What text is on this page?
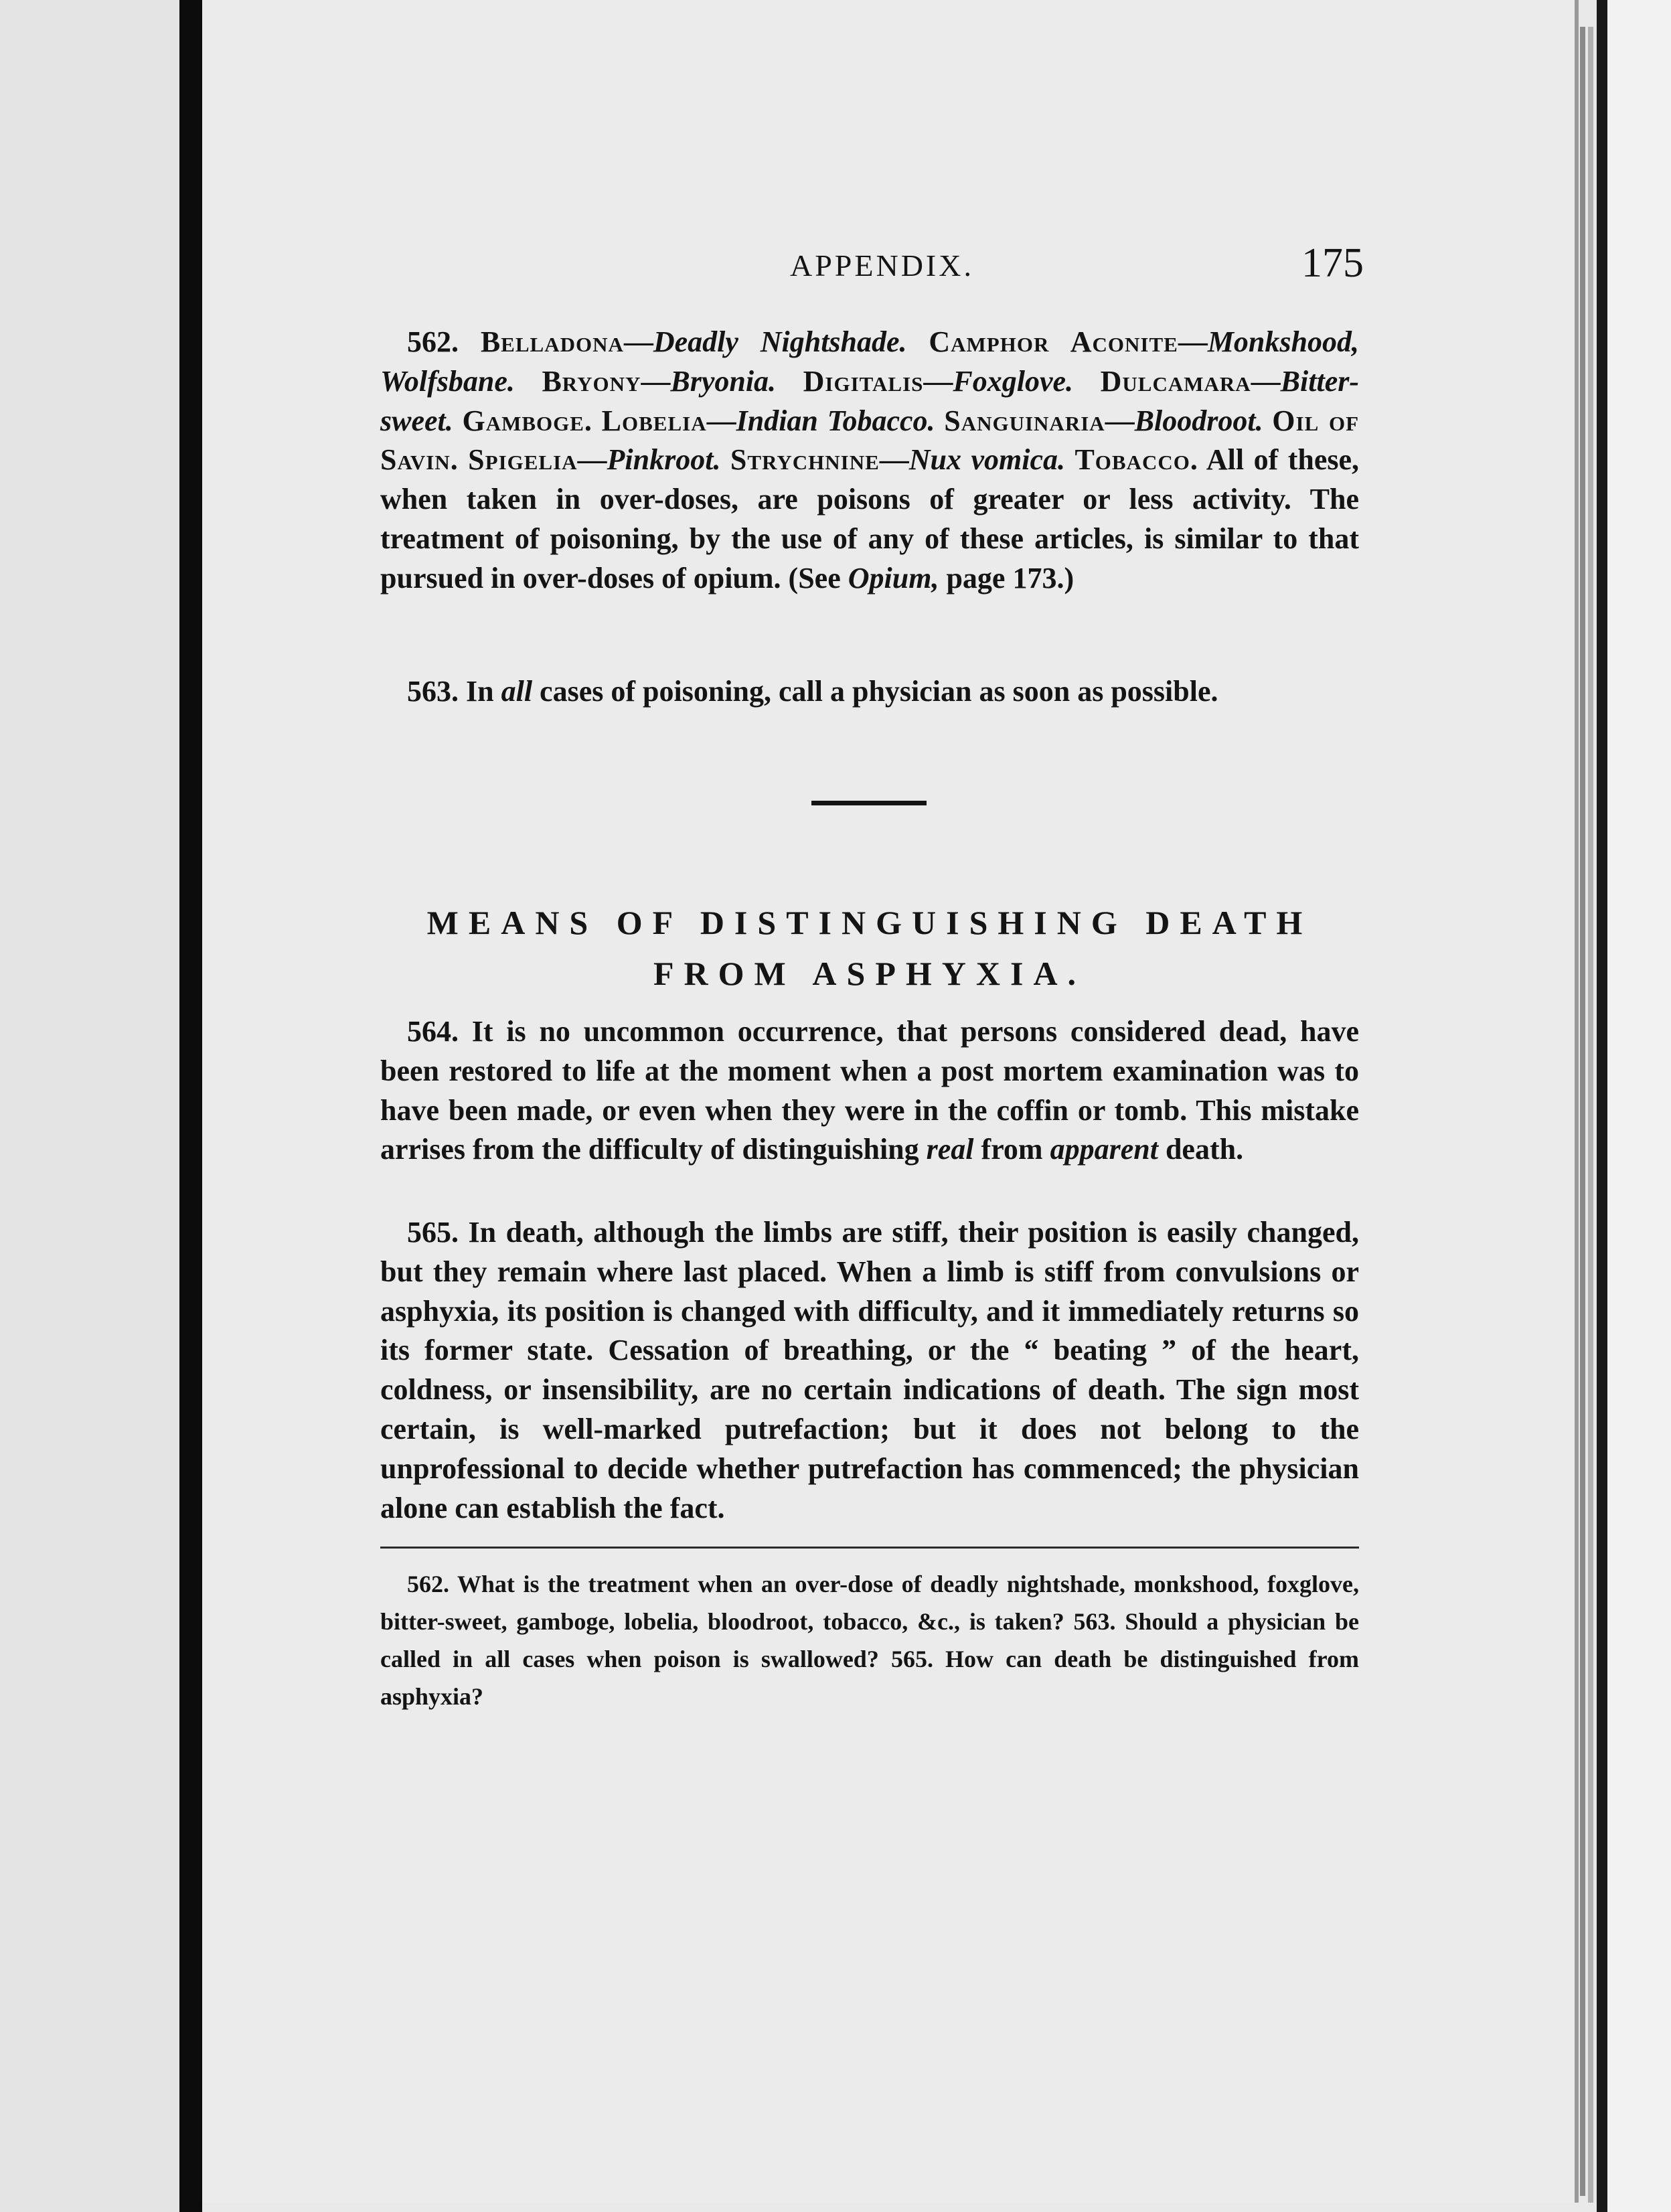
APPENDIX.	175
562. Belladona—Deadly Nightshade. Camphor Aconite—Monkshood, Wolfsbane. Bryony—Bryonia. Digitalis—Foxglove. Dulcamara—Bitter-sweet. Gamboge. Lobelia—Indian Tobacco. Sanguinaria—Bloodroot. Oil of Savin. Spigelia—Pinkroot. Strychnine—Nux vomica. Tobacco. All of these, when taken in over-doses, are poisons of greater or less activity. The treatment of poisoning, by the use of any of these articles, is similar to that pursued in over-doses of opium. (See Opium, page 173.)
563. In all cases of poisoning, call a physician as soon as possible.
MEANS OF DISTINGUISHING DEATH FROM ASPHYXIA.
564. It is no uncommon occurrence, that persons considered dead, have been restored to life at the moment when a post mortem examination was to have been made, or even when they were in the coffin or tomb. This mistake arrises from the difficulty of distinguishing real from apparent death.
565. In death, although the limbs are stiff, their position is easily changed, but they remain where last placed. When a limb is stiff from convulsions or asphyxia, its position is changed with difficulty, and it immediately returns so its former state. Cessation of breathing, or the “ beating ” of the heart, coldness, or insensibility, are no certain indications of death. The sign most certain, is well-marked putrefaction; but it does not belong to the unprofessional to decide whether putrefaction has commenced; the physician alone can establish the fact.
562. What is the treatment when an over-dose of deadly nightshade, monkshood, foxglove, bitter-sweet, gamboge, lobelia, bloodroot, tobacco, &c., is taken? 563. Should a physician be called in all cases when poison is swallowed? 565. How can death be distinguished from asphyxia?
